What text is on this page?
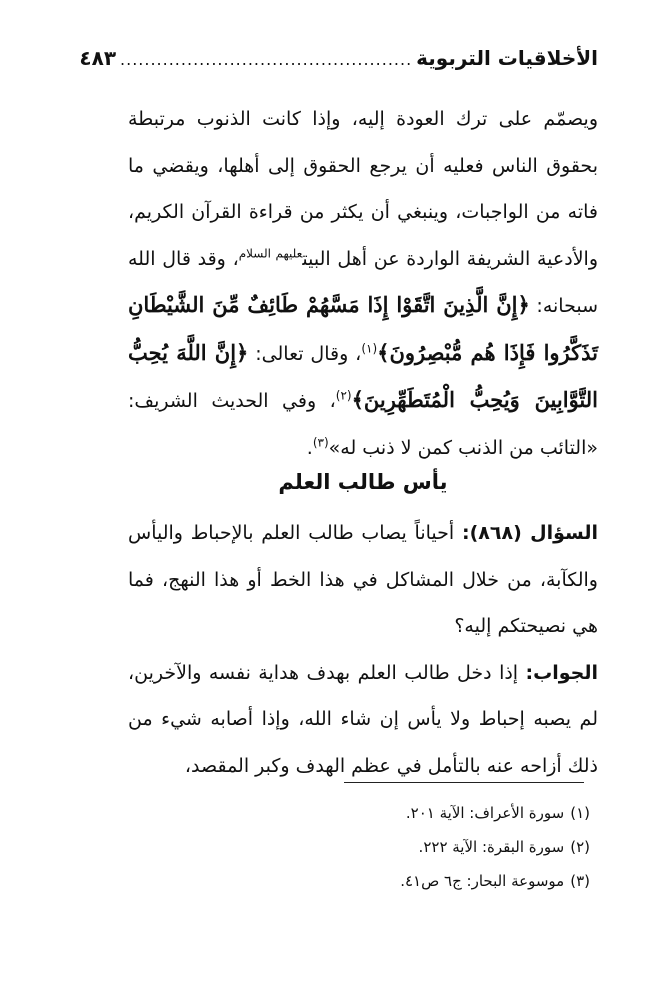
الأخلاقيات التربوية
................................................
٤٨٣

ويصمّم على ترك العودة إليه، وإذا كانت الذنوب مرتبطة بحقوق الناس فعليه أن يرجع الحقوق إلى أهلها، ويقضي ما فاته من الواجبات، وينبغي أن يكثر من قراءة القرآن الكريم، والأدعية الشريفة الواردة عن أهل البيت$^{عليهم السلام}$، وقد قال الله سبحانه: ﴿إِنَّ الَّذِينَ اتَّقَوْا إِذَا مَسَّهُمْ طَائِفٌ مِّنَ الشَّيْطَانِ تَذَكَّرُوا فَإِذَا هُم مُّبْصِرُونَ﴾$^{(١)}$، وقال تعالى: ﴿إِنَّ اللَّهَ يُحِبُّ التَّوَّابِينَ وَيُحِبُّ الْمُتَطَهِّرِينَ﴾$^{(٢)}$، وفي الحديث الشريف: «التائب من الذنب كمن لا ذنب له»$^{(٣)}$.

يأس طالب العلم

السؤال (٨٦٨): أحياناً يصاب طالب العلم بالإحباط واليأس والكآبة، من خلال المشاكل في هذا الخط أو هذا النهج، فما هي نصيحتكم إليه؟

الجواب: إذا دخل طالب العلم بهدف هداية نفسه والآخرين، لم يصبه إحباط ولا يأس إن شاء الله، وإذا أصابه شيء من ذلك أزاحه عنه بالتأمل في عظم الهدف وكبر المقصد،

(١)سورة الأعراف: الآية ٢٠١.
(٢)سورة البقرة: الآية ٢٢٢.
(٣)موسوعة البحار: ج٦ ص٤١.
